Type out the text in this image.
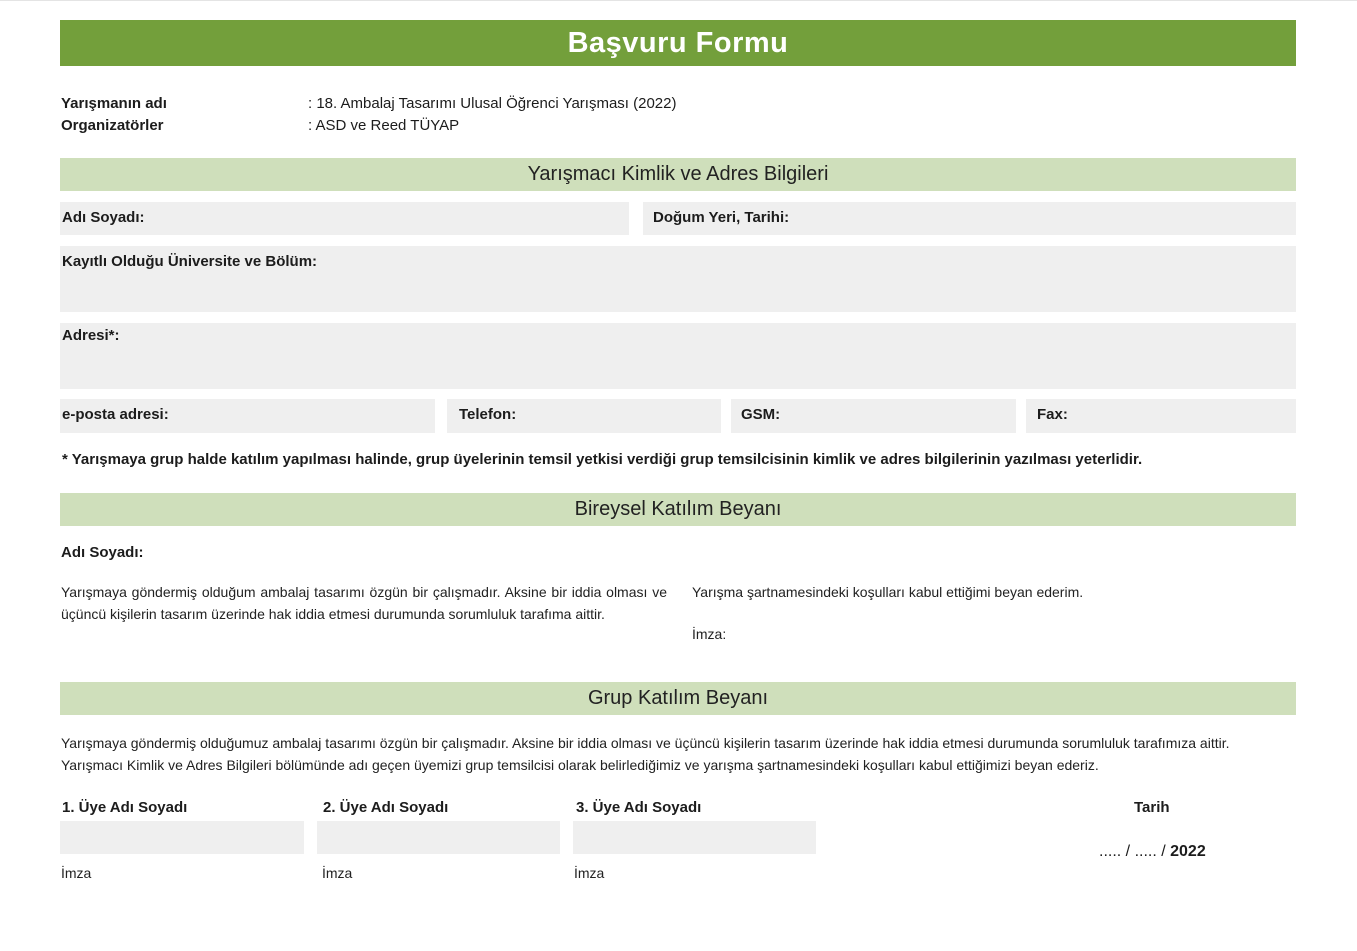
Başvuru Formu
Yarışmanın adı	: 18. Ambalaj Tasarımı Ulusal Öğrenci Yarışması (2022)
Organizatörler	: ASD ve Reed TÜYAP
Yarışmacı Kimlik ve Adres Bilgileri
Adı Soyadı:	Doğum Yeri, Tarihi:
Kayıtlı Olduğu Üniversite ve Bölüm:
Adresi*:
e-posta adresi:	Telefon:	GSM:	Fax:
* Yarışmaya grup halde katılım yapılması halinde, grup üyelerinin temsil yetkisi verdiği grup temsilcisinin kimlik ve adres bilgilerinin yazılması yeterlidir.
Bireysel Katılım Beyanı
Adı Soyadı:
Yarışmaya göndermiş olduğum ambalaj tasarımı özgün bir çalışmadır. Aksine bir iddia olması ve üçüncü kişilerin tasarım üzerinde hak iddia etmesi durumunda sorumluluk tarafıma aittir.
Yarışma şartnamesindeki koşulları kabul ettiğimi beyan ederim.
İmza:
Grup Katılım Beyanı
Yarışmaya göndermiş olduğumuz ambalaj tasarımı özgün bir çalışmadır. Aksine bir iddia olması ve üçüncü kişilerin tasarım üzerinde hak iddia etmesi durumunda sorumluluk tarafımıza aittir.
Yarışmacı Kimlik ve Adres Bilgileri bölümünde adı geçen üyemizi grup temsilcisi olarak belirlediğimiz ve yarışma şartnamesindeki koşulları kabul ettiğimizi beyan ederiz.
1. Üye Adı Soyadı	2. Üye Adı Soyadı	3. Üye Adı Soyadı
İmza	İmza	İmza
Tarih
..... / ..... / 2022
